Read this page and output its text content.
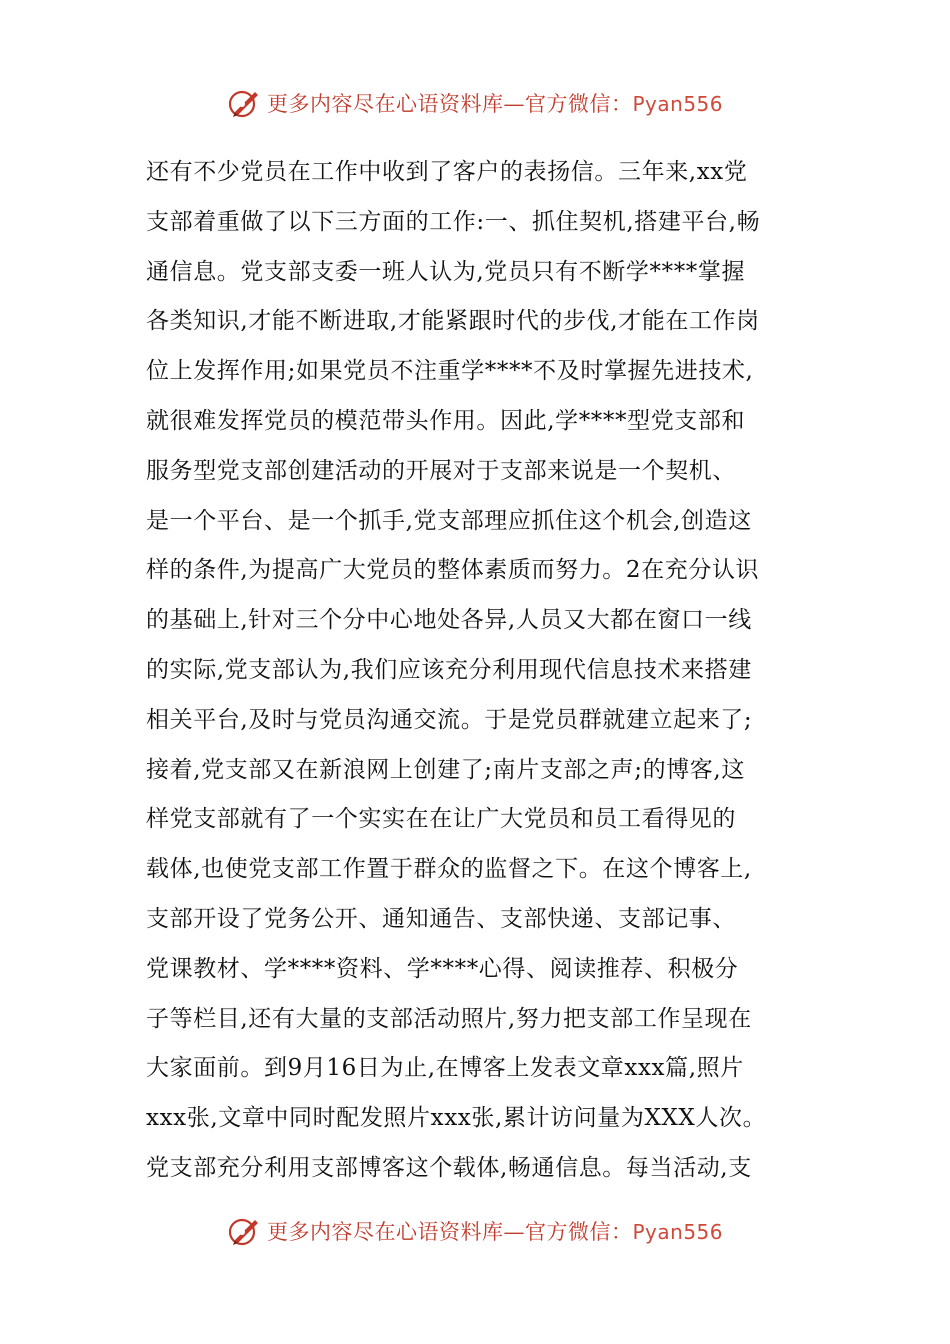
更多内容尽在心语资料库—官方微信：Pyan556
还有不少党员在工作中收到了客户的表扬信。三年来,xx党
支部着重做了以下三方面的工作:一、抓住契机,搭建平台,畅
通信息。党支部支委一班人认为,党员只有不断学****掌握
各类知识,才能不断进取,才能紧跟时代的步伐,才能在工作岗
位上发挥作用;如果党员不注重学****不及时掌握先进技术,
就很难发挥党员的模范带头作用。因此,学****型党支部和
服务型党支部创建活动的开展对于支部来说是一个契机、
是一个平台、是一个抓手,党支部理应抓住这个机会,创造这
样的条件,为提高广大党员的整体素质而努力。2在充分认识
的基础上,针对三个分中心地处各异,人员又大都在窗口一线
的实际,党支部认为,我们应该充分利用现代信息技术来搭建
相关平台,及时与党员沟通交流。于是党员群就建立起来了;
接着,党支部又在新浪网上创建了;南片支部之声;的博客,这
样党支部就有了一个实实在在让广大党员和员工看得见的
载体,也使党支部工作置于群众的监督之下。在这个博客上,
支部开设了党务公开、通知通告、支部快递、支部记事、
党课教材、学****资料、学****心得、阅读推荐、积极分
子等栏目,还有大量的支部活动照片,努力把支部工作呈现在
大家面前。到9月16日为止,在博客上发表文章xxx篇,照片
xxx张,文章中同时配发照片xxx张,累计访问量为XXX人次。
党支部充分利用支部博客这个载体,畅通信息。每当活动,支
更多内容尽在心语资料库—官方微信：Pyan556
